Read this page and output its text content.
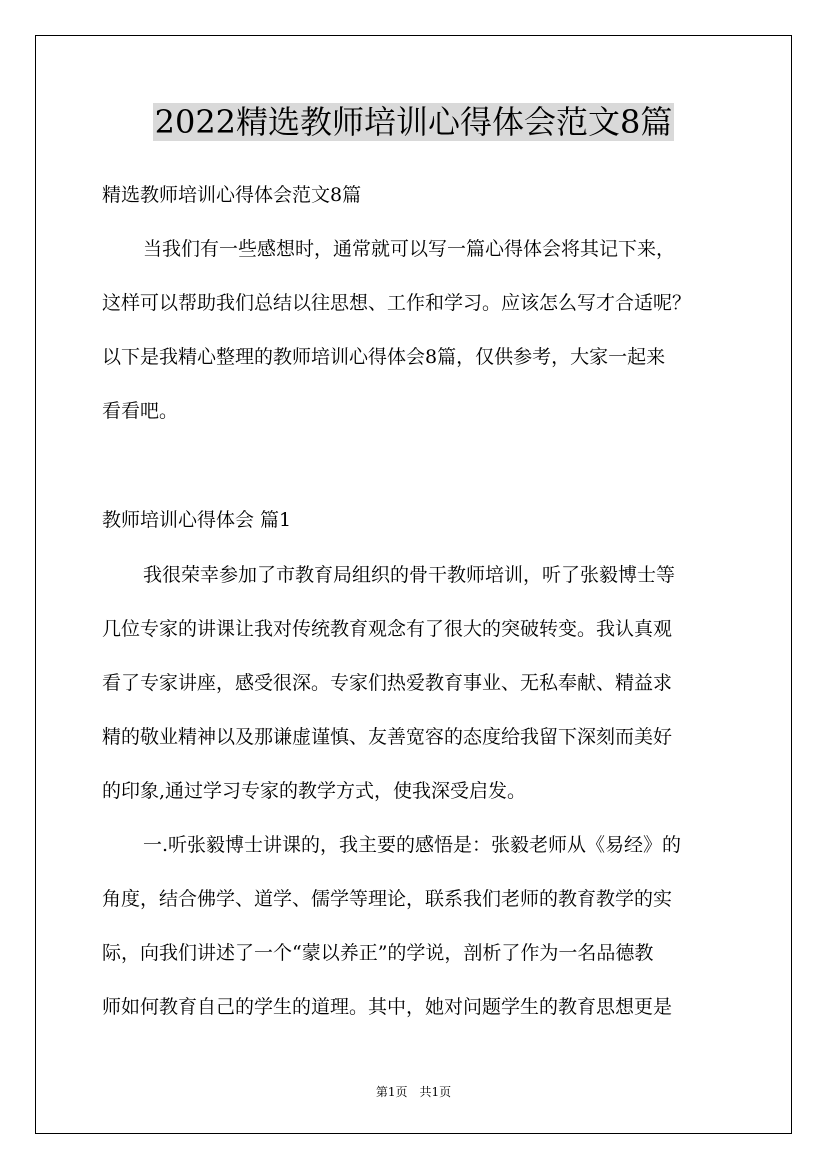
2022精选教师培训心得体会范文8篇
精选教师培训心得体会范文8篇
当我们有一些感想时，通常就可以写一篇心得体会将其记下来，
这样可以帮助我们总结以往思想、工作和学习。应该怎么写才合适呢？
以下是我精心整理的教师培训心得体会8篇，仅供参考，大家一起来
看看吧。
教师培训心得体会 篇1
我很荣幸参加了市教育局组织的骨干教师培训，听了张毅博士等
几位专家的讲课让我对传统教育观念有了很大的突破转变。我认真观
看了专家讲座，感受很深。专家们热爱教育事业、无私奉献、精益求
精的敬业精神以及那谦虚谨慎、友善宽容的态度给我留下深刻而美好
的印象,通过学习专家的教学方式，使我深受启发。
一.听张毅博士讲课的，我主要的感悟是：张毅老师从《易经》的
角度，结合佛学、道学、儒学等理论，联系我们老师的教育教学的实
际，向我们讲述了一个“蒙以养正”的学说，剖析了作为一名品德教
师如何教育自己的学生的道理。其中，她对问题学生的教育思想更是
第1页　共1页
